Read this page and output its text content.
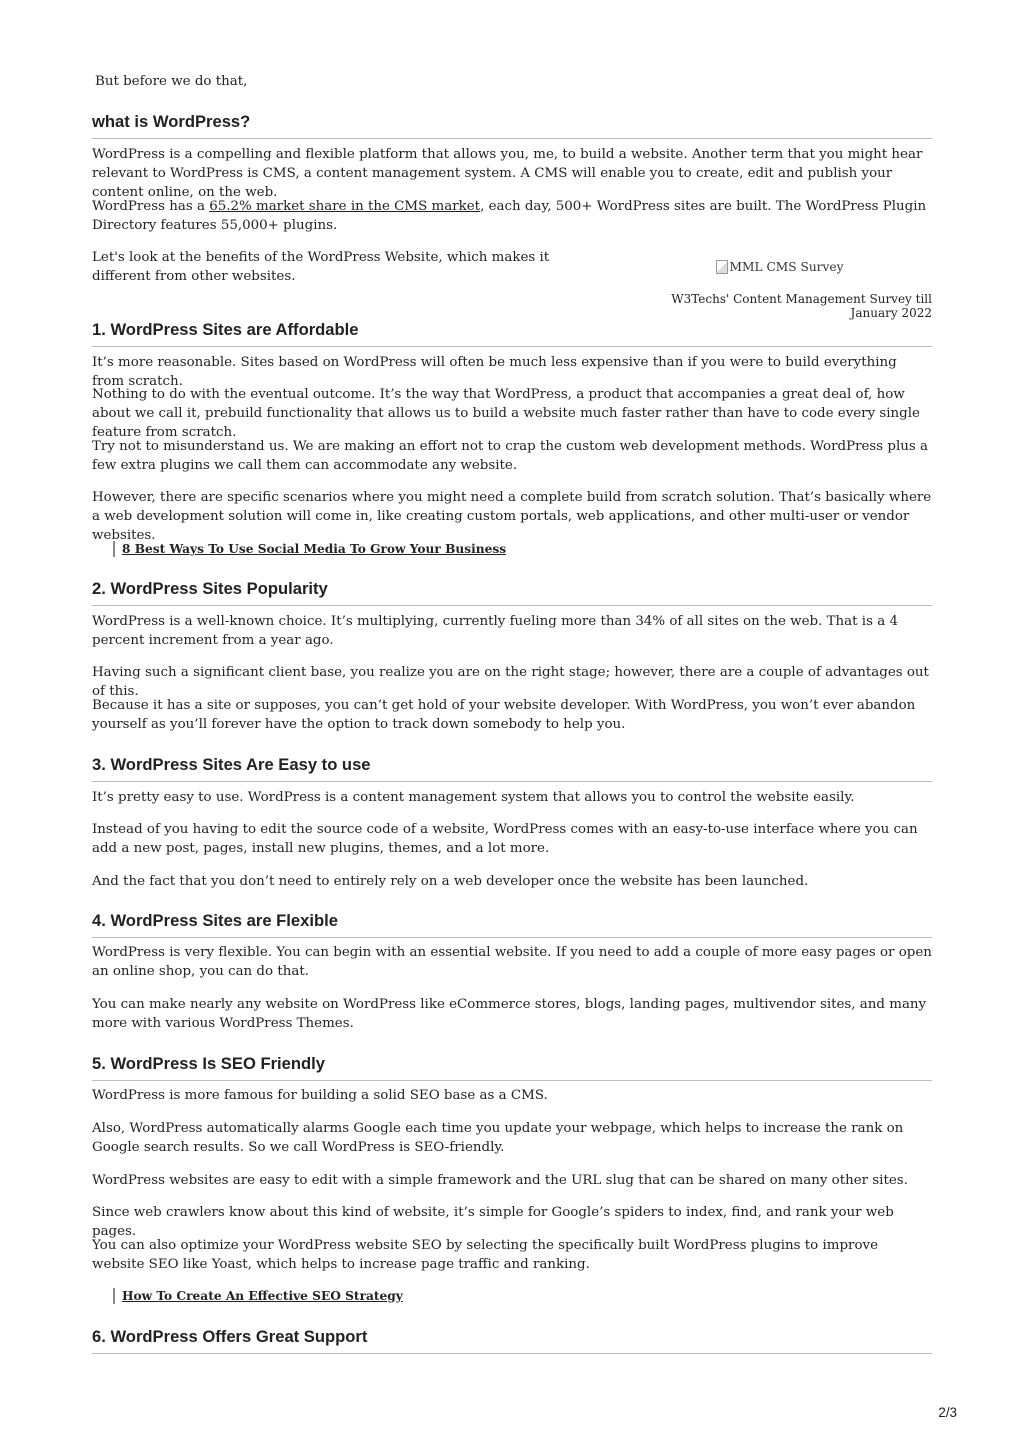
But before we do that,

what is WordPress?

WordPress is a compelling and flexible platform that allows you, me, to build a website. Another term that you might hear relevant to WordPress is CMS, a content management system. A CMS will enable you to create, edit and publish your content online, on the web.

WordPress has a 65.2% market share in the CMS market, each day, 500+ WordPress sites are built. The WordPress Plugin Directory features 55,000+ plugins.

Let's look at the benefits of the WordPress Website, which makes it different from other websites.

MML CMS Survey
W3Techs' Content Management Survey till January 2022
1. WordPress Sites are Affordable

It’s more reasonable. Sites based on WordPress will often be much less expensive than if you were to build everything from scratch.

Nothing to do with the eventual outcome. It’s the way that WordPress, a product that accompanies a great deal of, how about we call it, prebuild functionality that allows us to build a website much faster rather than have to code every single feature from scratch.

Try not to misunderstand us. We are making an effort not to crap the custom web development methods. WordPress plus a few extra plugins we call them can accommodate any website.

However, there are specific scenarios where you might need a complete build from scratch solution. That’s basically where a web development solution will come in, like creating custom portals, web applications, and other multi-user or vendor websites.

8 Best Ways To Use Social Media To Grow Your Business
2. WordPress Sites Popularity

WordPress is a well-known choice. It’s multiplying, currently fueling more than 34% of all sites on the web. That is a 4 percent increment from a year ago.

Having such a significant client base, you realize you are on the right stage; however, there are a couple of advantages out of this.

Because it has a site or supposes, you can’t get hold of your website developer. With WordPress, you won’t ever abandon yourself as you’ll forever have the option to track down somebody to help you.

3. WordPress Sites Are Easy to use

It’s pretty easy to use. WordPress is a content management system that allows you to control the website easily.

Instead of you having to edit the source code of a website, WordPress comes with an easy-to-use interface where you can add a new post, pages, install new plugins, themes, and a lot more.

And the fact that you don’t need to entirely rely on a web developer once the website has been launched.

4. WordPress Sites are Flexible

WordPress is very flexible. You can begin with an essential website. If you need to add a couple of more easy pages or open an online shop, you can do that.

You can make nearly any website on WordPress like eCommerce stores, blogs, landing pages, multivendor sites, and many more with various WordPress Themes.

5. WordPress Is SEO Friendly

WordPress is more famous for building a solid SEO base as a CMS.

Also, WordPress automatically alarms Google each time you update your webpage, which helps to increase the rank on Google search results. So we call WordPress is SEO-friendly.

WordPress websites are easy to edit with a simple framework and the URL slug that can be shared on many other sites.

Since web crawlers know about this kind of website, it’s simple for Google’s spiders to index, find, and rank your web pages.

You can also optimize your WordPress website SEO by selecting the specifically built WordPress plugins to improve website SEO like Yoast, which helps to increase page traffic and ranking.

How To Create An Effective SEO Strategy
6. WordPress Offers Great Support
2/3
